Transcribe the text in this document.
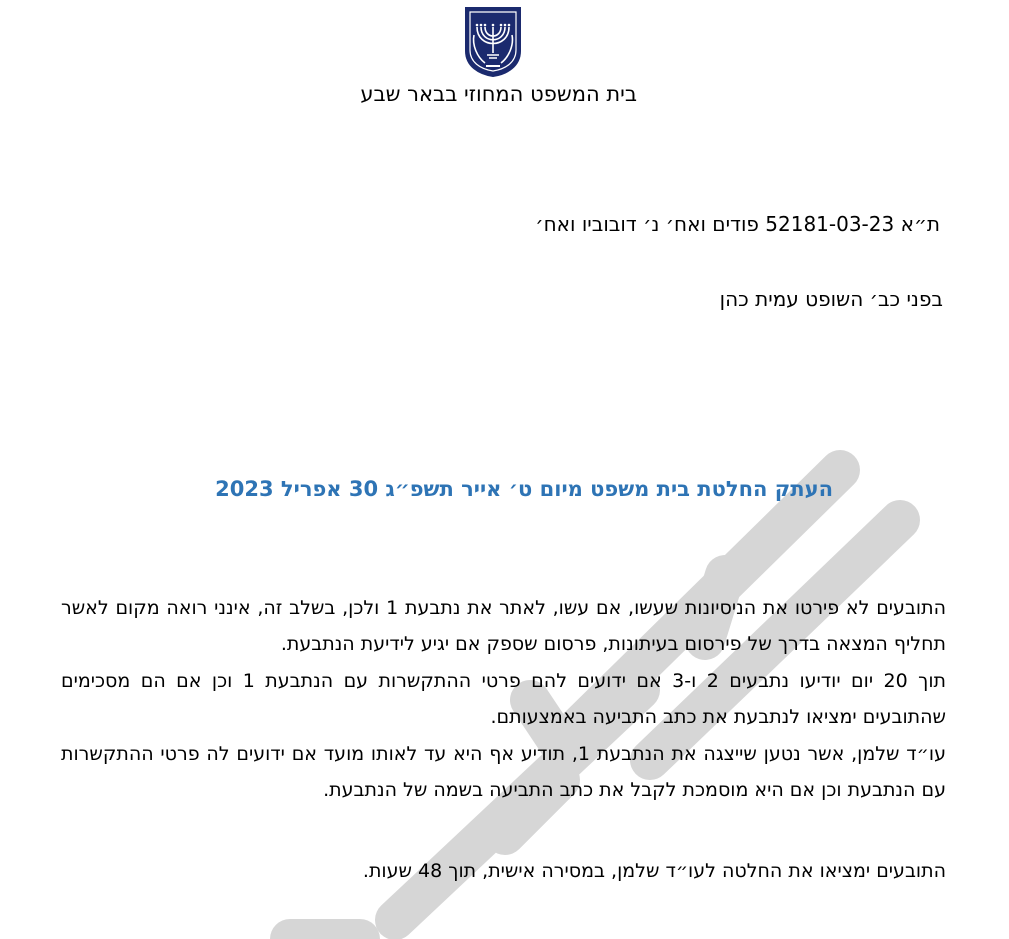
בית המשפט המחוזי בבאר שבע
ת״א 52181-03-23 פודים ואח׳ נ׳ דובוביו ואח׳
בפני כב׳ השופט עמית כהן
העתק החלטת בית משפט מיום ט׳ אייר תשפ״ג 30 אפריל 2023
התובעים לא פירטו את הניסיונות שעשו, אם עשו, לאתר את נתבעת 1 ולכן, בשלב זה, אינני רואה מקום לאשר תחליף המצאה בדרך של פירסום בעיתונות, פרסום שספק אם יגיע לידיעת הנתבעת.
תוך 20 יום יודיעו נתבעים 2 ו-3 אם ידועים להם פרטי ההתקשרות עם הנתבעת 1 וכן אם הם מסכימים שהתובעים ימציאו לנתבעת את כתב התביעה באמצעותם.
עו״ד שלמן, אשר נטען שייצגה את הנתבעת 1, תודיע אף היא עד לאותו מועד אם ידועים לה פרטי ההתקשרות עם הנתבעת וכן אם היא מוסמכת לקבל את כתב התביעה בשמה של הנתבעת.
התובעים ימציאו את החלטה לעו״ד שלמן, במסירה אישית, תוך 48 שעות.
